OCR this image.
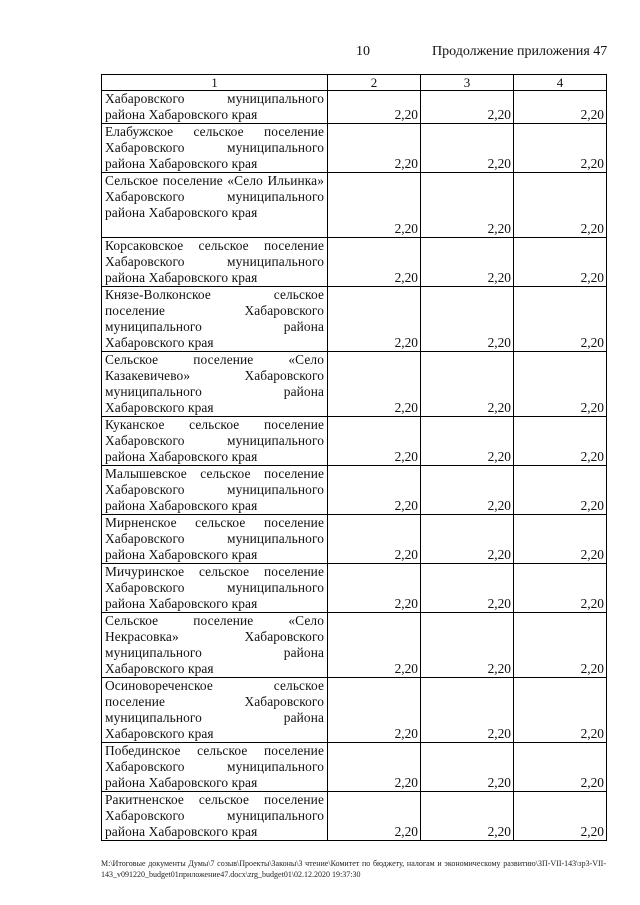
10	Продолжение приложения 47
1	2	3	4
Хабаровского муниципального района Хабаровского края	2,20	2,20	2,20
Елабужское сельское поселение Хабаровского муниципального района Хабаровского края	2,20	2,20	2,20
Сельское поселение «Село Ильинка» Хабаровского муниципального района Хабаровского края	2,20	2,20	2,20
Корсаковское сельское поселение Хабаровского муниципального района Хабаровского края	2,20	2,20	2,20
Князе-Волконское сельское поселение Хабаровского муниципального района Хабаровского края	2,20	2,20	2,20
Сельское поселение «Село Казакевичево» Хабаровского муниципального района Хабаровского края	2,20	2,20	2,20
Куканское сельское поселение Хабаровского муниципального района Хабаровского края	2,20	2,20	2,20
Малышевское сельское поселение Хабаровского муниципального района Хабаровского края	2,20	2,20	2,20
Мирненское сельское поселение Хабаровского муниципального района Хабаровского края	2,20	2,20	2,20
Мичуринское сельское поселение Хабаровского муниципального района Хабаровского края	2,20	2,20	2,20
Сельское поселение «Село Некрасовка» Хабаровского муниципального района Хабаровского края	2,20	2,20	2,20
Осиновореченское сельское поселение Хабаровского муниципального района Хабаровского края	2,20	2,20	2,20
Побединское сельское поселение Хабаровского муниципального района Хабаровского края	2,20	2,20	2,20
Ракитненское сельское поселение Хабаровского муниципального района Хабаровского края	2,20	2,20	2,20
М:\Итоговые документы Думы\7 созыв\Проекты\Законы\3 чтение\Комитет по бюджету, налогам и экономическому развитию\ЗП-VII-143\зр3-VII-143_v091220_budget01приложение47.docx\zrg_budget01\02.12.2020 19:37:30
